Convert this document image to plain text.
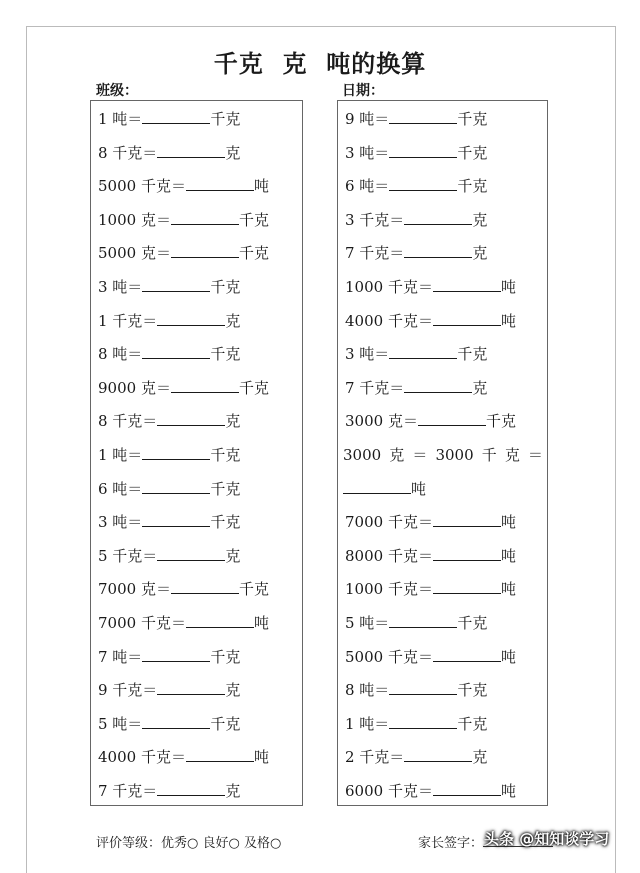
千克  克  吨的换算
班级：	日期：
1 吨＝	千克
8 千克＝	克
5000 千克＝	吨
1000 克＝	千克
5000 克＝	千克
3 吨＝	千克
1 千克＝	克
8 吨＝	千克
9000 克＝	千克
8 千克＝	克
1 吨＝	千克
6 吨＝	千克
3 吨＝	千克
5 千克＝	克
7000 克＝	千克
7000 千克＝	吨
7 吨＝	千克
9 千克＝	克
5 吨＝	千克
4000 千克＝	吨
7 千克＝	克
9 吨＝	千克
3 吨＝	千克
6 吨＝	千克
3 千克＝	克
7 千克＝	克
1000 千克＝	吨
4000 千克＝	吨
3 吨＝	千克
7 千克＝	克
3000 克＝	千克
3000 克 ＝ 3000 千 克 ＝
吨
7000 千克＝	吨
8000 千克＝	吨
1000 千克＝	吨
5 吨＝	千克
5000 千克＝	吨
8 吨＝	千克
1 吨＝	千克
2 千克＝	克
6000 千克＝	吨
评价等级：优秀○ 良好○ 及格○	家长签字： 头条 @知知谈学习
